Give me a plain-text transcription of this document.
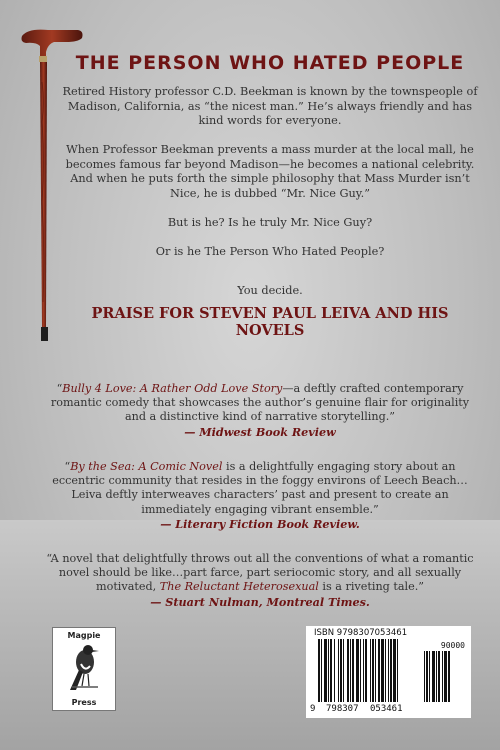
THE PERSON WHO HATED PEOPLE

Retired History professor C.D. Beekman is known by the townspeople of Madison, California, as “the nicest man.” He’s always friendly and has kind words for everyone.

When Professor Beekman prevents a mass murder at the local mall, he becomes famous far beyond Madison—he becomes a national celebrity. And when he puts forth the simple philosophy that Mass Murder isn’t Nice, he is dubbed “Mr. Nice Guy.”

But is he? Is he truly Mr. Nice Guy?

Or is he The Person Who Hated People?

You decide.

PRAISE FOR STEVEN PAUL LEIVA AND HIS NOVELS

“Bully 4 Love: A Rather Odd Love Story—a deftly crafted contemporary romantic comedy that showcases the author’s genuine flair for originality and a distinctive kind of narrative storytelling.”
— Midwest Book Review

“By the Sea: A Comic Novel is a delightfully engaging story about an eccentric community that resides in the foggy environs of Leech Beach…Leiva deftly interweaves characters’ past and present to create an immediately engaging vibrant ensemble.”
— Literary Fiction Book Review.

“A novel that delightfully throws out all the conventions of what a romantic novel should be like…part farce, part seriocomic story, and all sexually motivated, The Reluctant Heterosexual is a riveting tale.”
— Stuart Nulman, Montreal Times.

Magpie
Press
ISBN 9798307053461
90000
9 798307 053461
